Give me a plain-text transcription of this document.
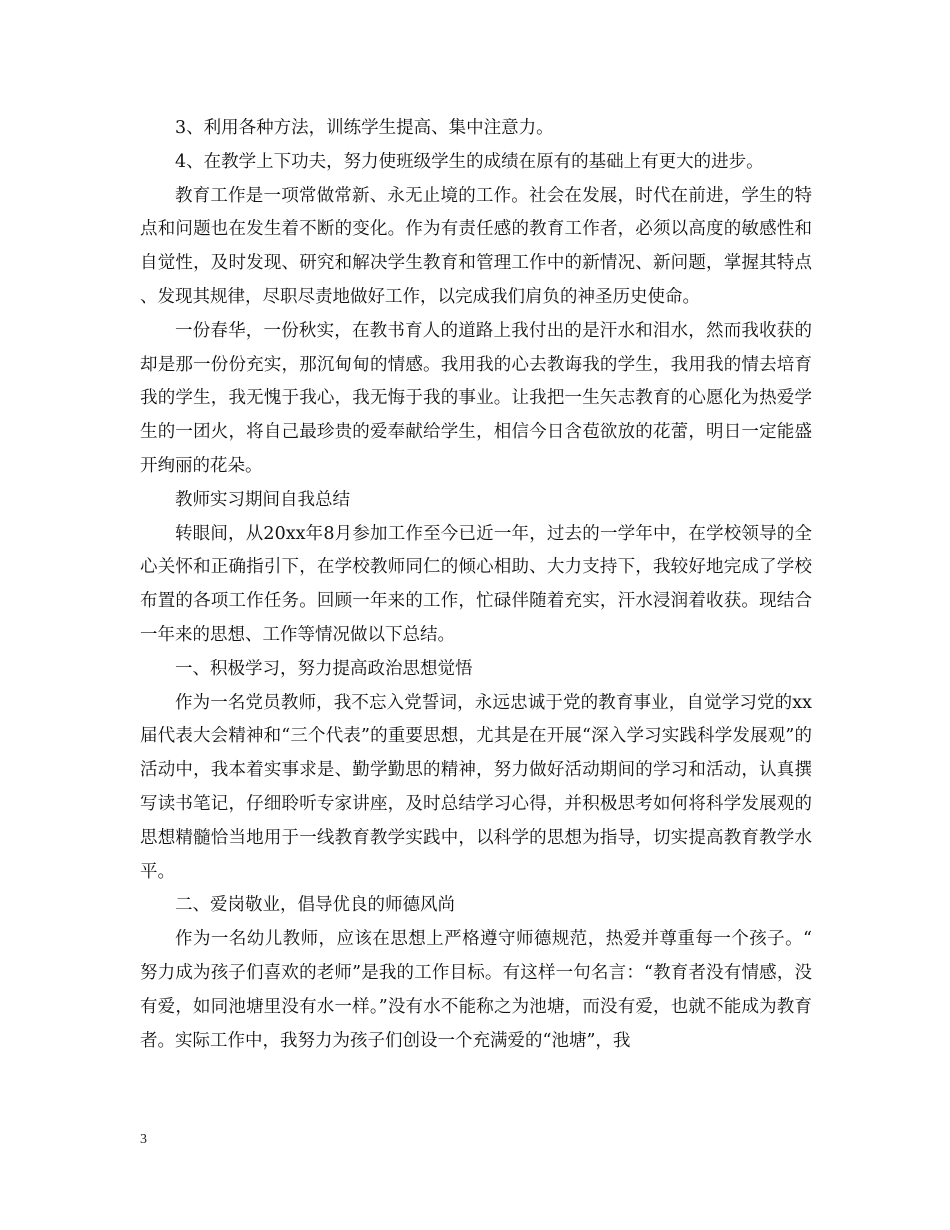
3、利用各种方法，训练学生提高、集中注意力。

4、在教学上下功夫，努力使班级学生的成绩在原有的基础上有更大的进步。

教育工作是一项常做常新、永无止境的工作。社会在发展，时代在前进，学生的特点和问题也在发生着不断的变化。作为有责任感的教育工作者，必须以高度的敏感性和自觉性，及时发现、研究和解决学生教育和管理工作中的新情况、新问题，掌握其特点、发现其规律，尽职尽责地做好工作，以完成我们肩负的神圣历史使命。

一份春华，一份秋实，在教书育人的道路上我付出的是汗水和泪水，然而我收获的却是那一份份充实，那沉甸甸的情感。我用我的心去教诲我的学生，我用我的情去培育我的学生，我无愧于我心，我无悔于我的事业。让我把一生矢志教育的心愿化为热爱学生的一团火，将自己最珍贵的爱奉献给学生，相信今日含苞欲放的花蕾，明日一定能盛开绚丽的花朵。

教师实习期间自我总结

转眼间，从20xx年8月参加工作至今已近一年，过去的一学年中，在学校领导的全心关怀和正确指引下，在学校教师同仁的倾心相助、大力支持下，我较好地完成了学校布置的各项工作任务。回顾一年来的工作，忙碌伴随着充实，汗水浸润着收获。现结合一年来的思想、工作等情况做以下总结。

一、积极学习，努力提高政治思想觉悟

作为一名党员教师，我不忘入党誓词，永远忠诚于党的教育事业，自觉学习党的xx届代表大会精神和“三个代表”的重要思想，尤其是在开展“深入学习实践科学发展观”的活动中，我本着实事求是、勤学勤思的精神，努力做好活动期间的学习和活动，认真撰写读书笔记，仔细聆听专家讲座，及时总结学习心得，并积极思考如何将科学发展观的思想精髓恰当地用于一线教育教学实践中，以科学的思想为指导，切实提高教育教学水平。

二、爱岗敬业，倡导优良的师德风尚

作为一名幼儿教师，应该在思想上严格遵守师德规范，热爱并尊重每一个孩子。“努力成为孩子们喜欢的老师”是我的工作目标。有这样一句名言：“教育者没有情感，没有爱，如同池塘里没有水一样。”没有水不能称之为池塘，而没有爱，也就不能成为教育者。实际工作中，我努力为孩子们创设一个充满爱的“池塘”，我

3
